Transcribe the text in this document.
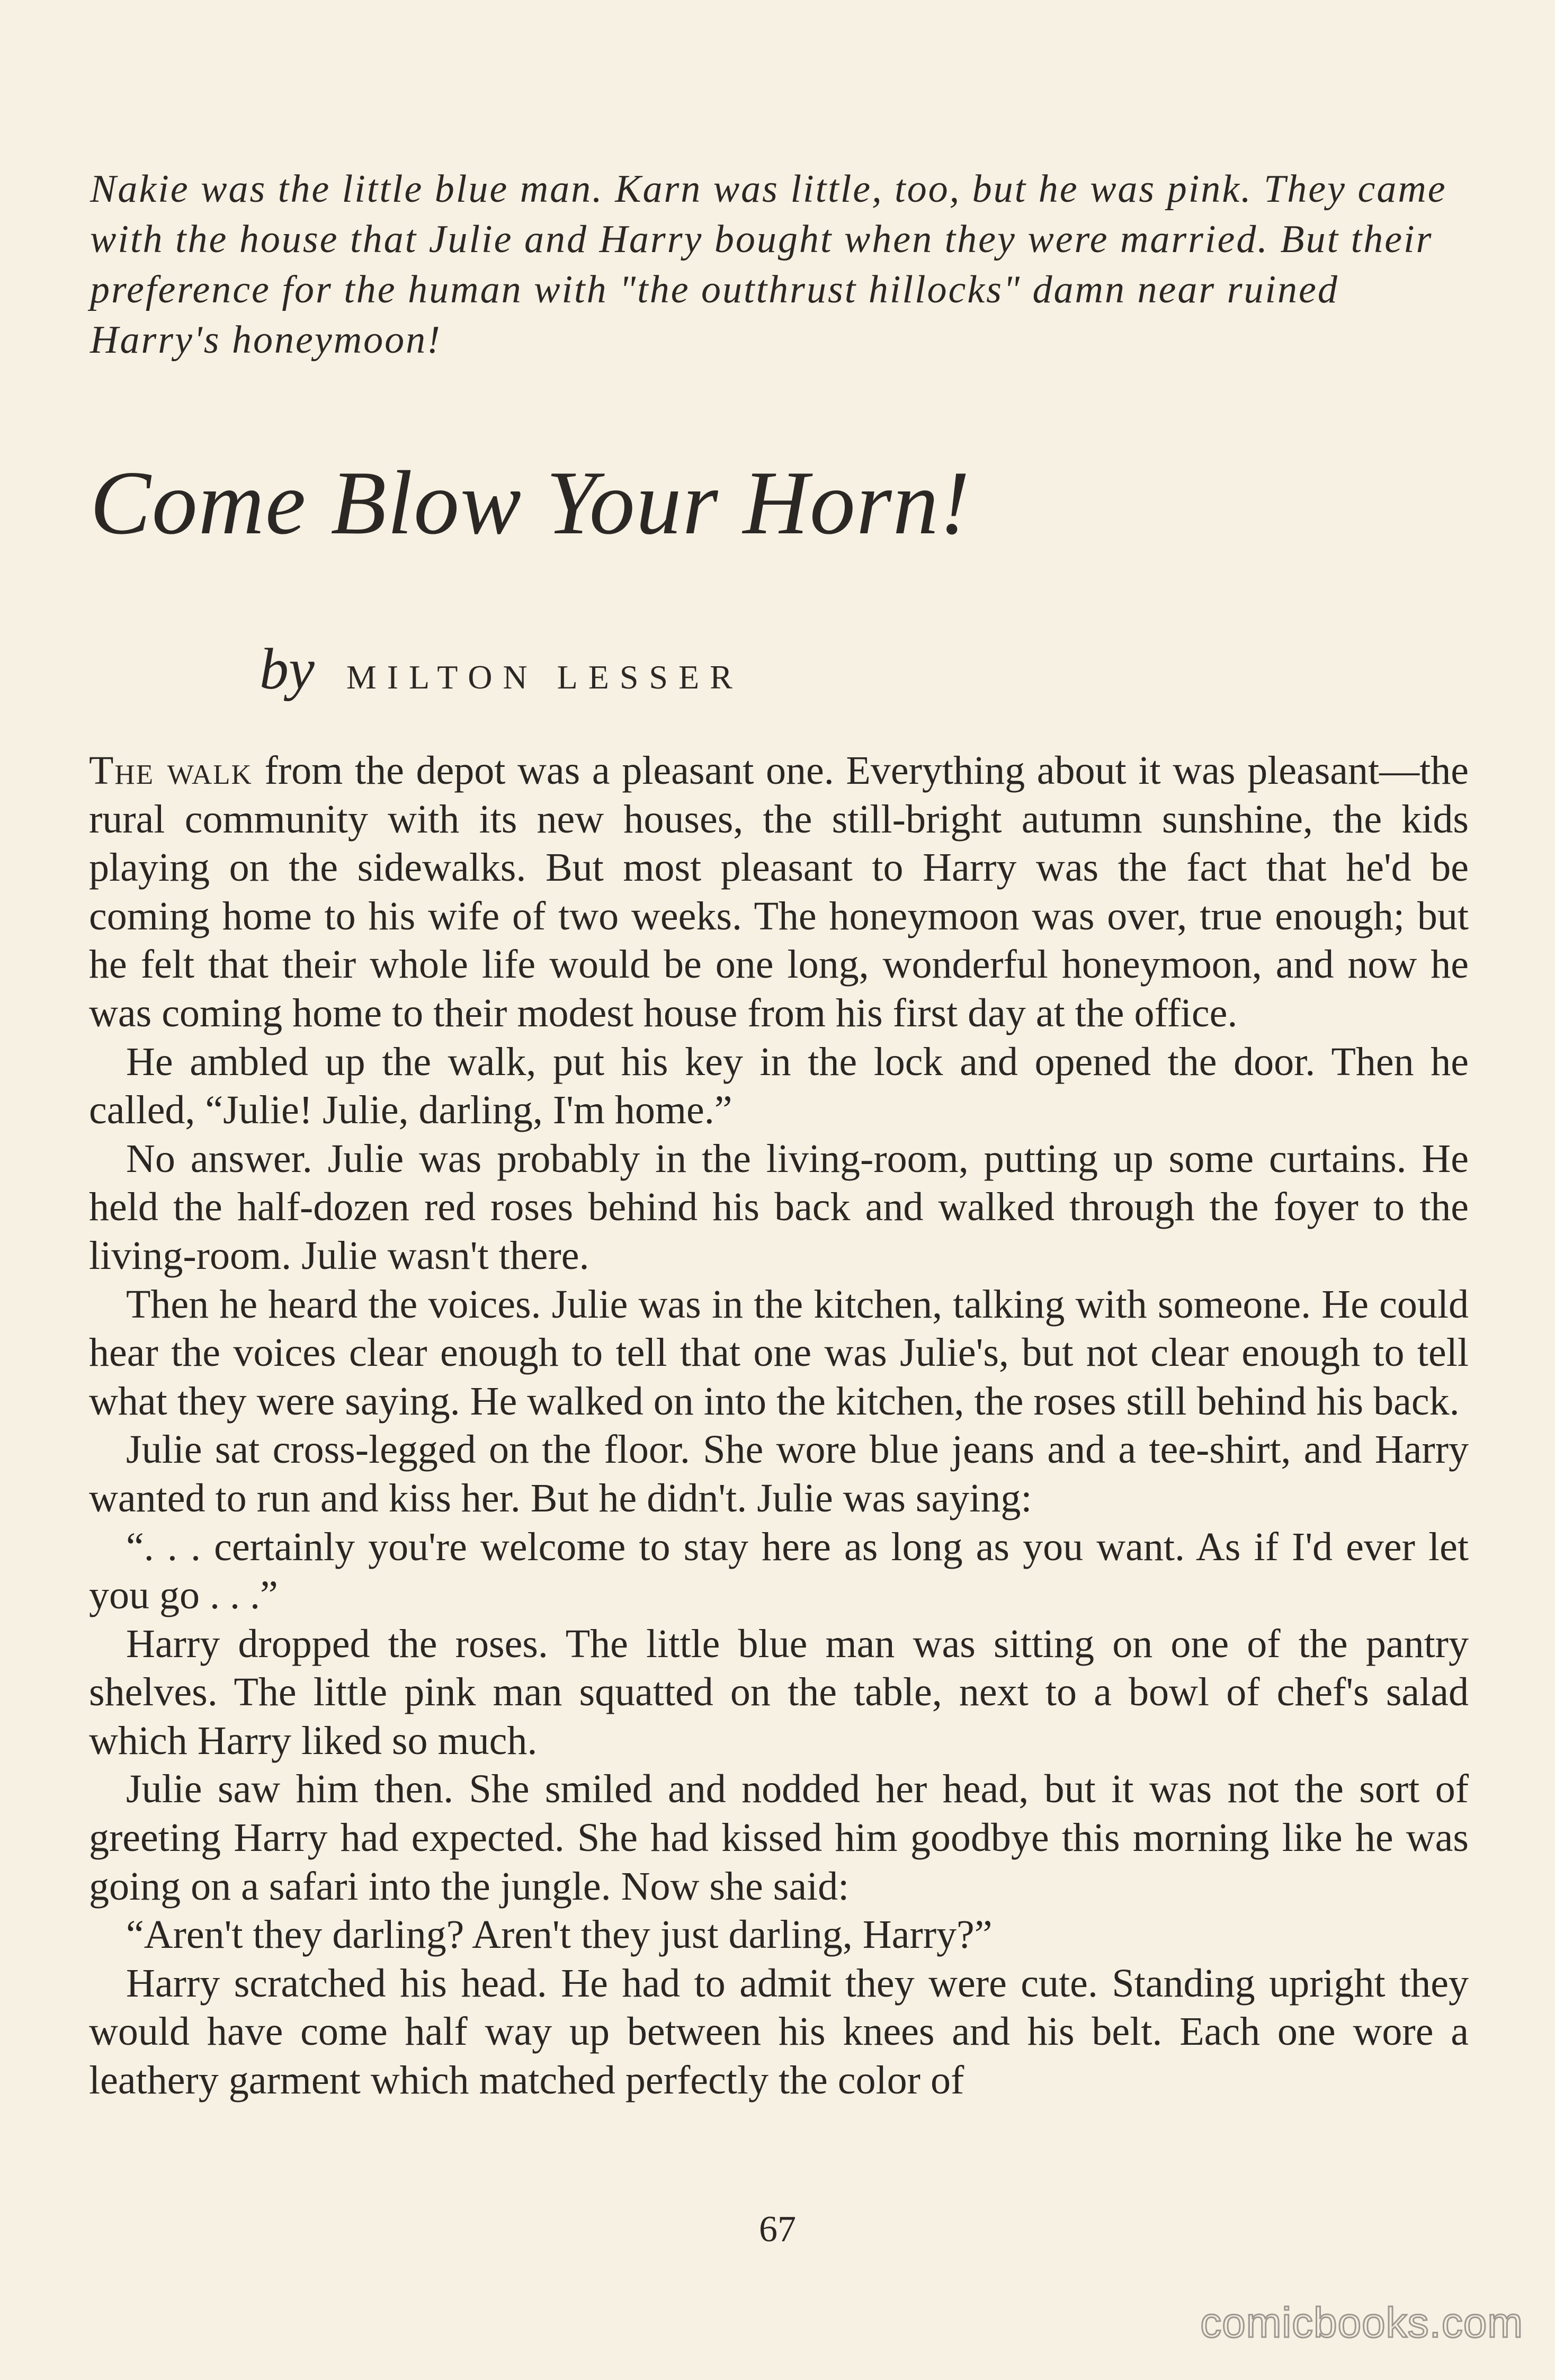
Nakie was the little blue man. Karn was little, too, but he was pink. They came with the house that Julie and Harry bought when they were married. But their preference for the human with "the outthrust hillocks" damn near ruined Harry's honeymoon!
Come Blow Your Horn!
by MILTON LESSER

The walk from the depot was a pleasant one. Everything about it was pleasant—the rural community with its new houses, the still-bright autumn sunshine, the kids playing on the sidewalks. But most pleasant to Harry was the fact that he'd be coming home to his wife of two weeks. The honeymoon was over, true enough; but he felt that their whole life would be one long, wonderful honeymoon, and now he was coming home to their modest house from his first day at the office.

He ambled up the walk, put his key in the lock and opened the door. Then he called, “Julie! Julie, darling, I'm home.”

No answer. Julie was probably in the living-room, putting up some curtains. He held the half-dozen red roses behind his back and walked through the foyer to the living-room. Julie wasn't there.

Then he heard the voices. Julie was in the kitchen, talking with someone. He could hear the voices clear enough to tell that one was Julie's, but not clear enough to tell what they were saying. He walked on into the kitchen, the roses still behind his back.

Julie sat cross-legged on the floor. She wore blue jeans and a tee-shirt, and Harry wanted to run and kiss her. But he didn't. Julie was saying:

“. . . certainly you're welcome to stay here as long as you want. As if I'd ever let you go . . .”

Harry dropped the roses. The little blue man was sitting on one of the pantry shelves. The little pink man squatted on the table, next to a bowl of chef's salad which Harry liked so much.

Julie saw him then. She smiled and nodded her head, but it was not the sort of greeting Harry had expected. She had kissed him goodbye this morning like he was going on a safari into the jungle. Now she said:

“Aren't they darling? Aren't they just darling, Harry?”

Harry scratched his head. He had to admit they were cute. Standing upright they would have come half way up between his knees and his belt. Each one wore a leathery garment which matched perfectly the color of

67
comicbooks.com
